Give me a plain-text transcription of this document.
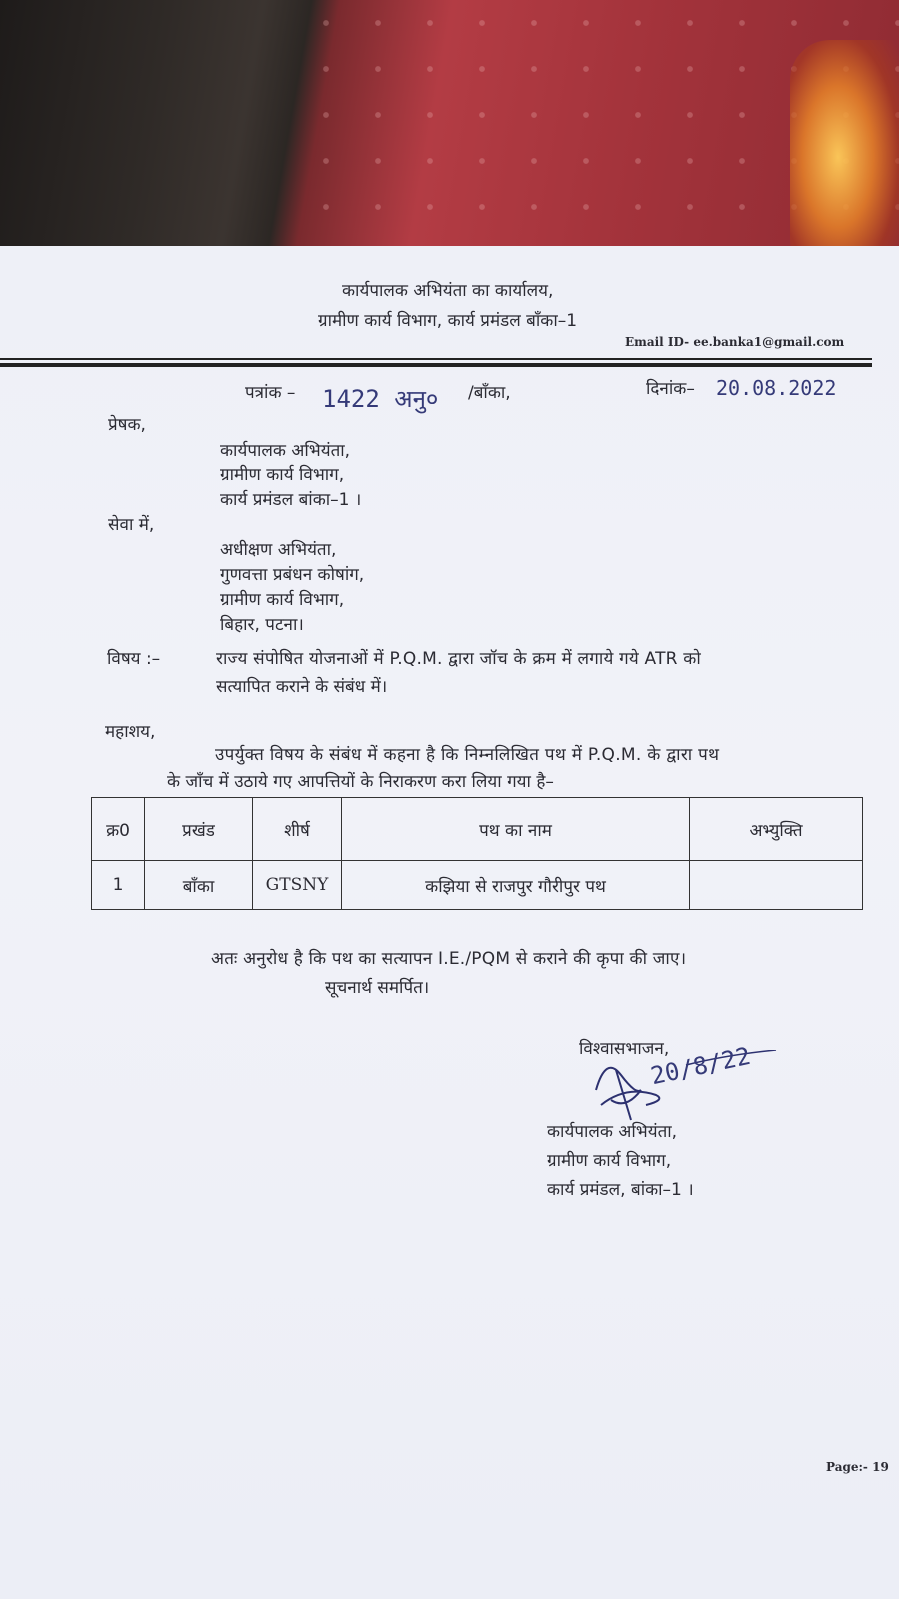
कार्यपालक अभियंता का कार्यालय,
ग्रामीण कार्य विभाग, कार्य प्रमंडल बाँका–1
Email ID- ee.banka1@gmail.com
पत्रांक – 1422 अनु० /बाँका,	दिनांक– 20.08.2022
प्रेषक,
कार्यपालक अभियंता,
ग्रामीण कार्य विभाग,
कार्य प्रमंडल बांका–1 ।
सेवा में,
अधीक्षण अभियंता,
गुणवत्ता प्रबंधन कोषांग,
ग्रामीण कार्य विभाग,
बिहार, पटना।
विषय :–	राज्य संपोषित योजनाओं में P.Q.M. द्वारा जॉच के क्रम में लगाये गये ATR को
सत्यापित कराने के संबंध में।
महाशय,
उपर्युक्त विषय के संबंध में कहना है कि निम्नलिखित पथ में P.Q.M. के द्वारा पथ
के जाँच में उठाये गए आपत्तियों के निराकरण करा लिया गया है–
क्र0	प्रखंड	शीर्ष	पथ का नाम	अभ्युक्ति
1	बाँका	GTSNY	कझिया से राजपुर गौरीपुर पथ	
अतः अनुरोध है कि पथ का सत्यापन I.E./PQM से कराने की कृपा की जाए।
सूचनार्थ समर्पित।
विश्वासभाजन,
20/8/22
कार्यपालक अभियंता,
ग्रामीण कार्य विभाग,
कार्य प्रमंडल, बांका–1 ।
Page:- 19
